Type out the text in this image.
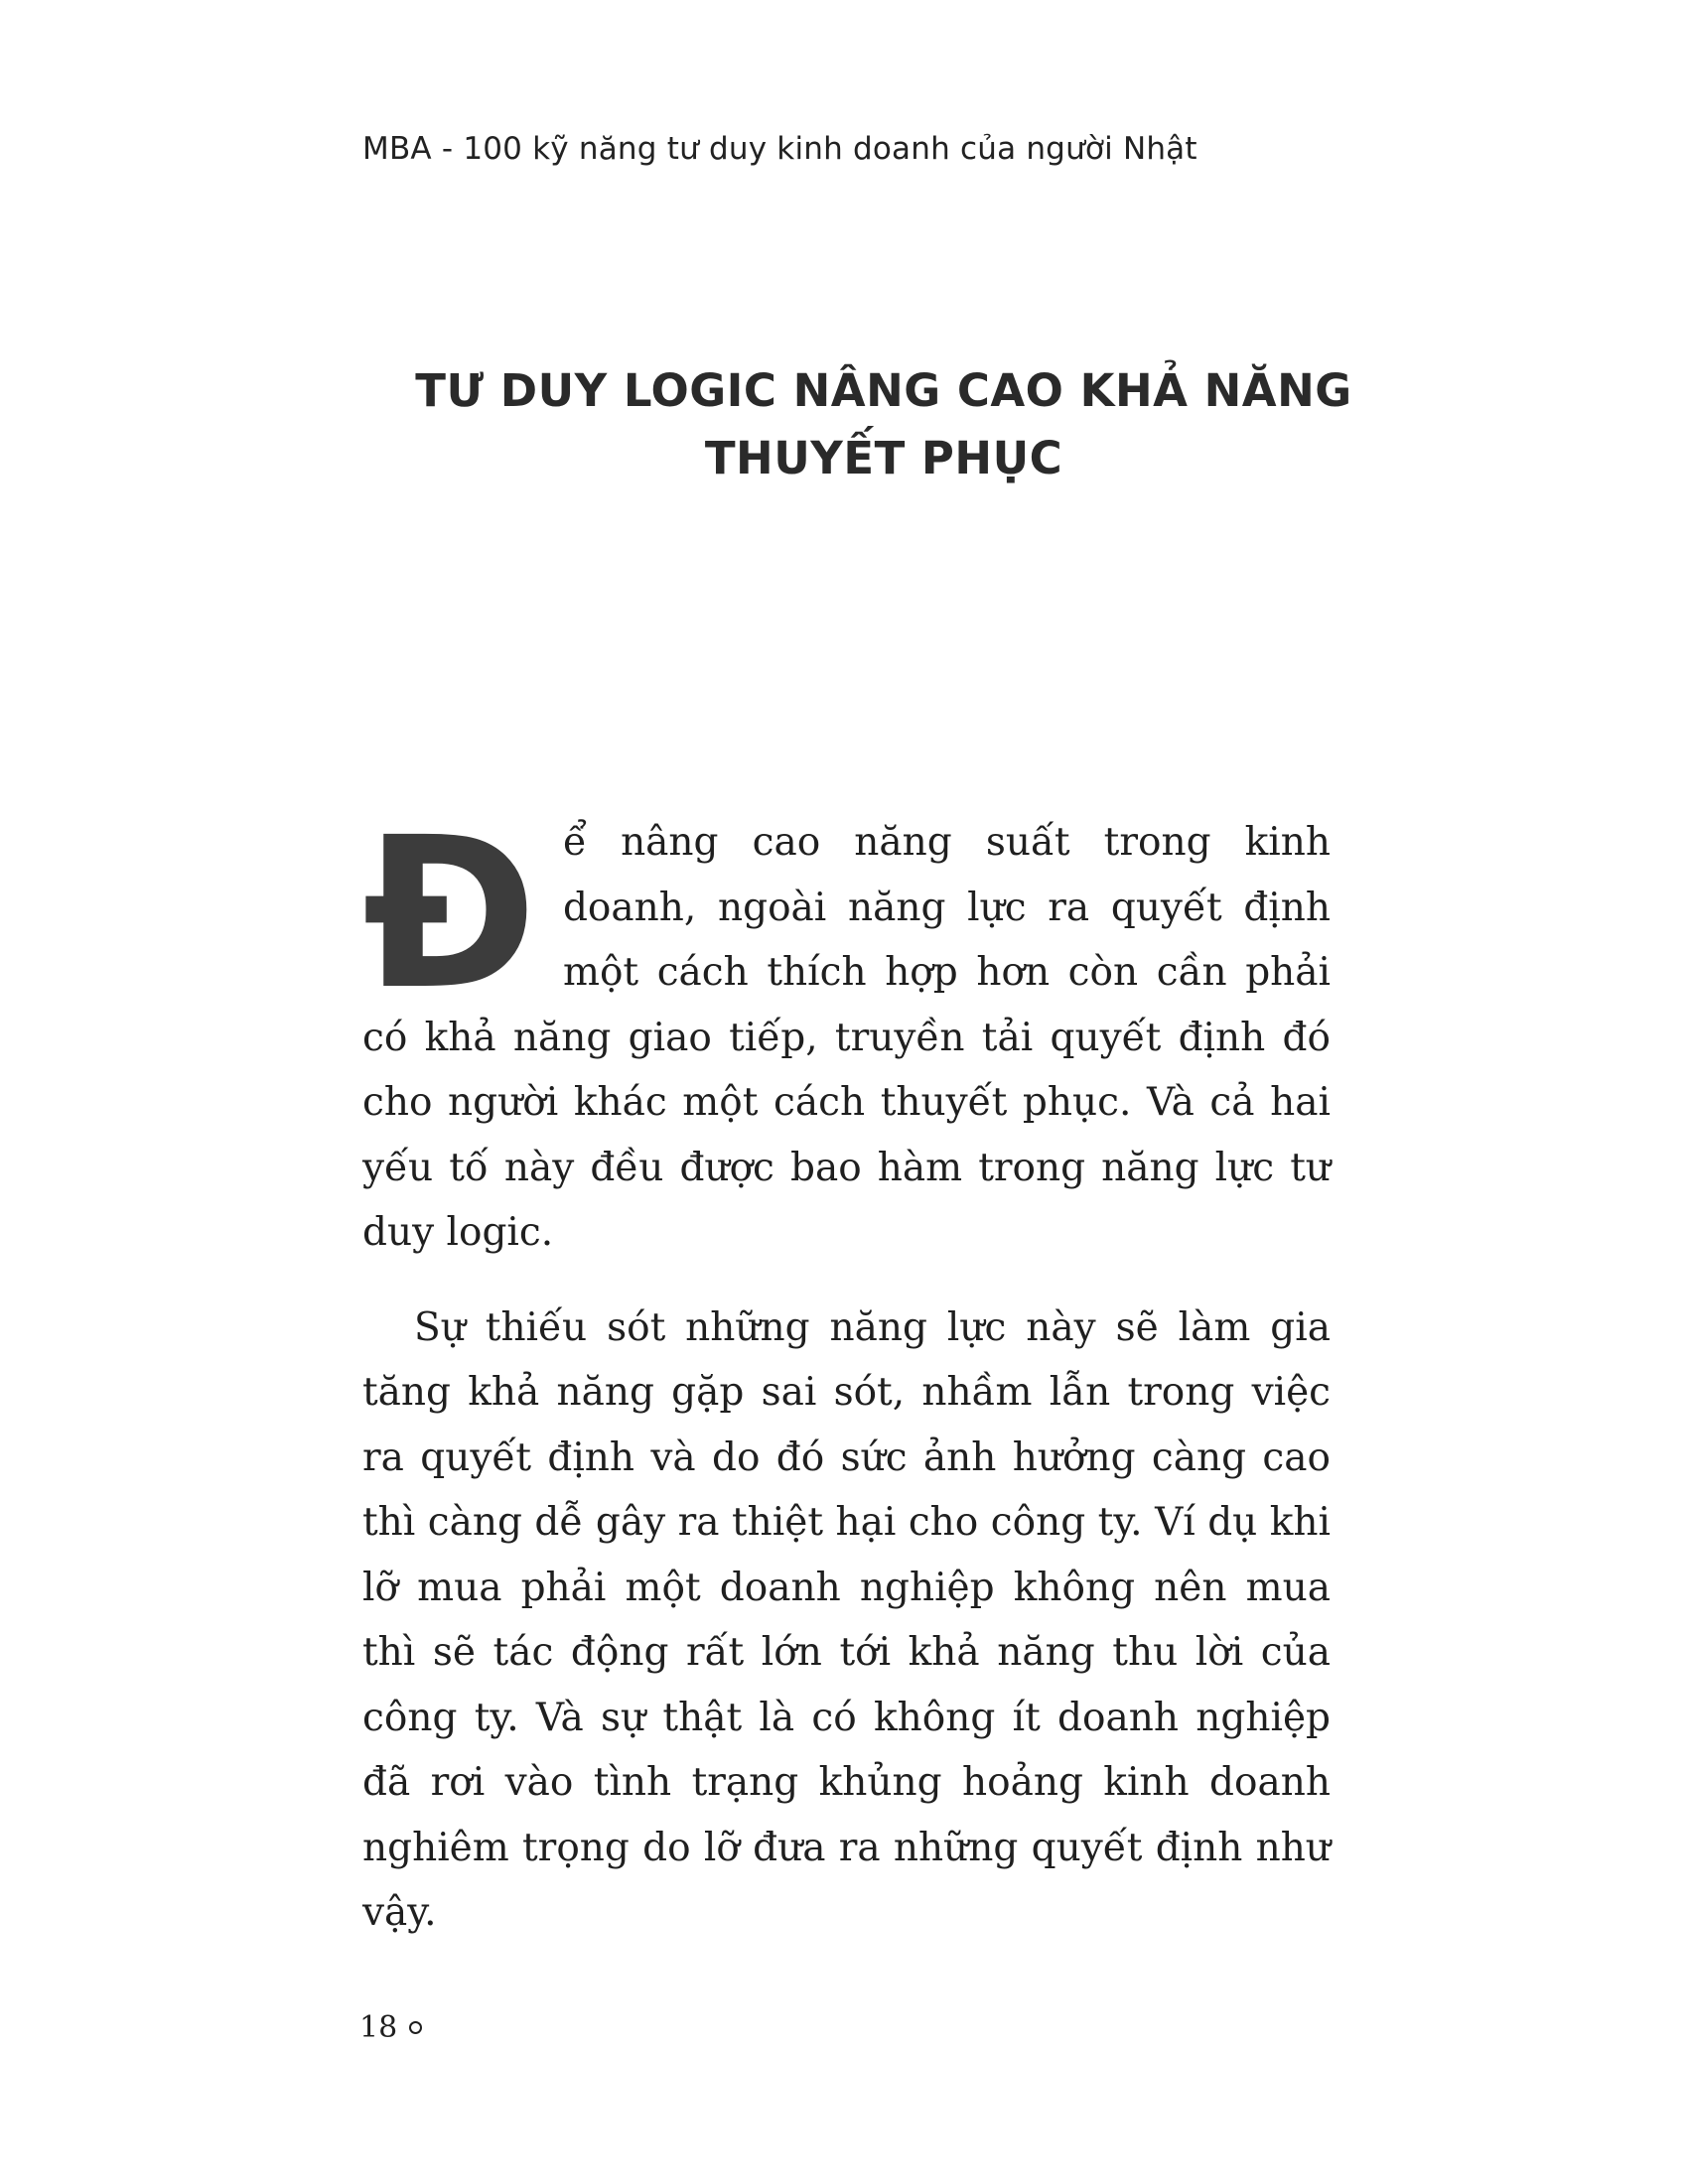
MBA - 100 kỹ năng tư duy kinh doanh của người Nhật
TƯ DUY LOGIC NÂNG CAO KHẢ NĂNG
THUYẾT PHỤC

Để nâng cao năng suất trong kinh doanh, ngoài năng lực ra quyết định một cách thích hợp hơn còn cần phải có khả năng giao tiếp, truyền tải quyết định đó cho người khác một cách thuyết phục. Và cả hai yếu tố này đều được bao hàm trong năng lực tư duy logic.

Sự thiếu sót những năng lực này sẽ làm gia tăng khả năng gặp sai sót, nhầm lẫn trong việc ra quyết định và do đó sức ảnh hưởng càng cao thì càng dễ gây ra thiệt hại cho công ty. Ví dụ khi lỡ mua phải một doanh nghiệp không nên mua thì sẽ tác động rất lớn tới khả năng thu lời của công ty. Và sự thật là có không ít doanh nghiệp đã rơi vào tình trạng khủng hoảng kinh doanh nghiêm trọng do lỡ đưa ra những quyết định như vậy.

18
